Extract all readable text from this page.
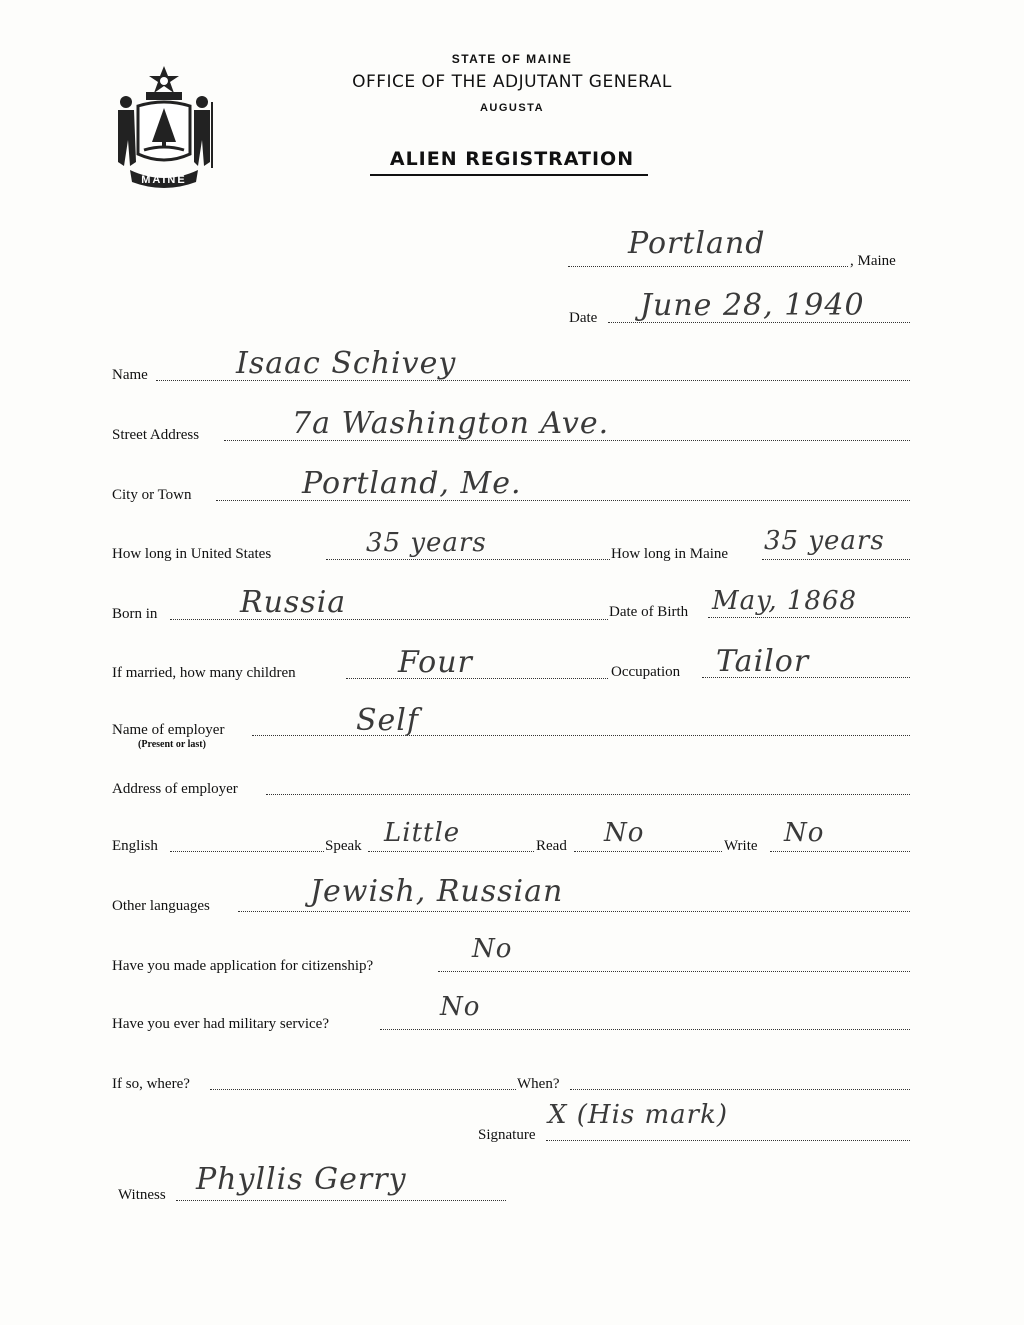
MAINE
STATE OF MAINE
OFFICE OF THE ADJUTANT GENERAL
AUGUSTA
ALIEN REGISTRATION
Portland	, Maine
Date June 28, 1940
Name	Isaac Schivey
Street Address	7a Washington Ave.
City or Town	Portland, Me.
How long in United States	35 years	How long in Maine 35 years
Born in	Russia	Date of Birth May, 1868
If married, how many children	Four	Occupation Tailor
Name of employer
(Present or last)
Self
Address of employer
English	Speak Little	Read No	Write No
Other languages	Jewish, Russian
Have you made application for citizenship?
No
Have you ever had military service?
No
If so, where?	When?
Signature
X (His mark)
Witness Phyllis Gerry
